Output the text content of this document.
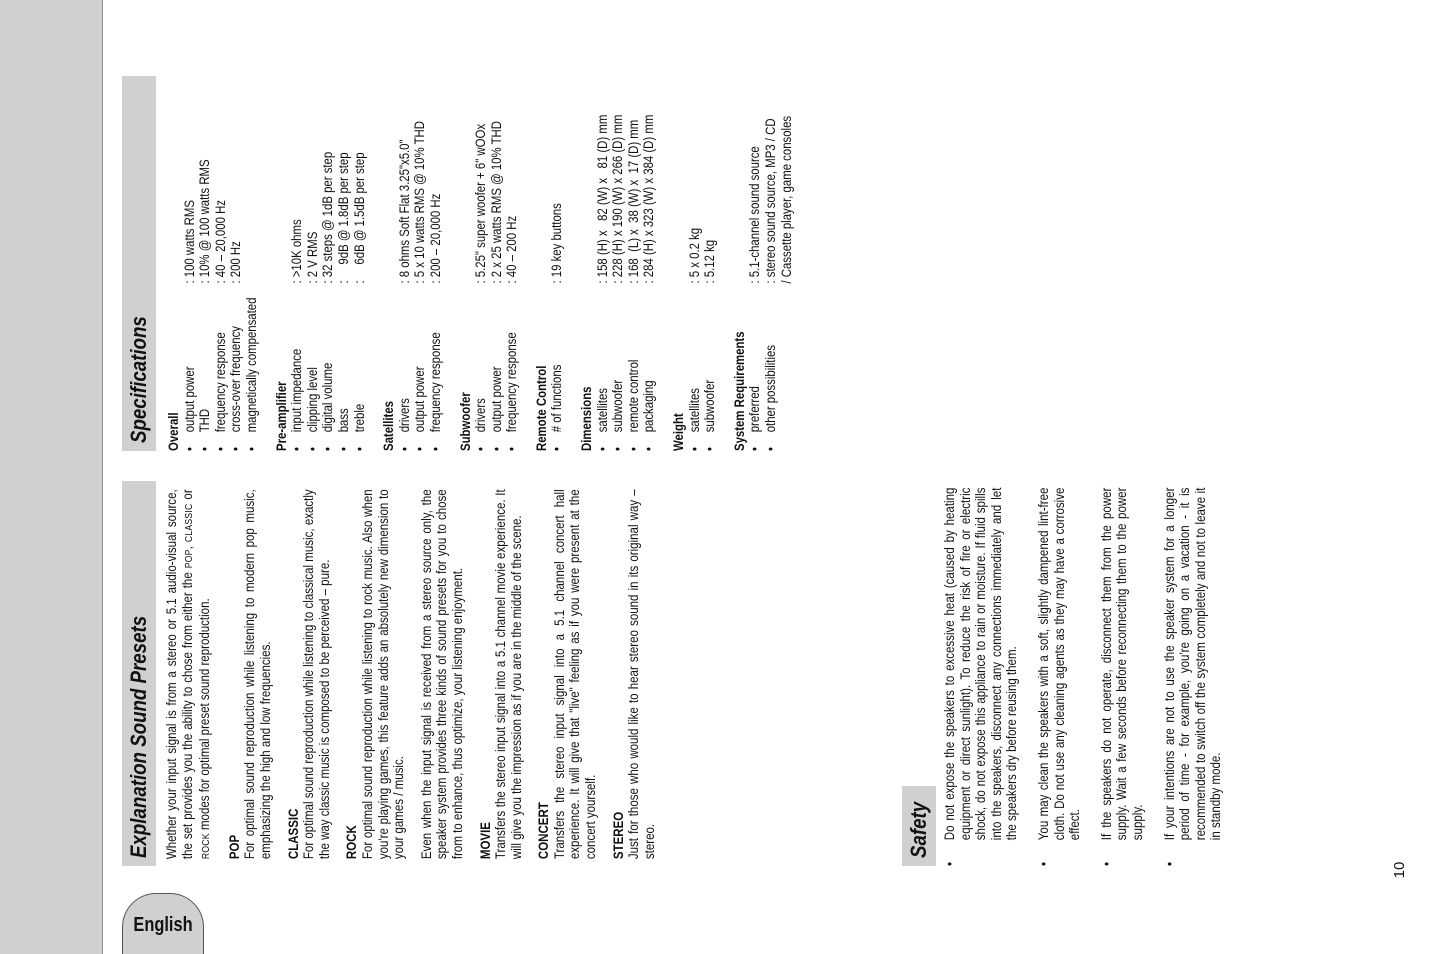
English
10
Explanation Sound Presets Whether your input signal is from a stereo or 5.1 audio-visual source, the set provides you the ability to chose from either the POP, CLASSIC or ROCK modes for optimal preset sound reproduction.

POP For optimal sound reproduction while listening to modern pop music, emphasizing the high and low frequencies. CLASSIC For optimal sound reproduction while listening to classical music, exactly the way classic music is composed to be perceived – pure. ROCK For optimal sound reproduction while listening to rock music. Also when you're playing games, this feature adds an absolutely new dimension to your games / music. Even when the input signal is received from a stereo source only, the speaker system provides three kinds of sound presets for you to chose from to enhance, thus optimize, your listening enjoyment. MOVIE Transfers the stereo input signal into a 5.1 channel movie experience. It will give you the impression as if you are in the middle of the scene. CONCERT Transfers the stereo input signal into a 5.1 channel concert hall experience. It will give that "live" feeling as if you were present at the concert yourself. STEREO Just for those who would like to hear stereo sound in its original way – stereo.	Safety
•
Do not expose the speakers to excessive heat (caused by heating equipment or direct sunlight). To reduce the risk of fire or electric shock, do not expose this appliance to rain or moisture. If fluid spills into the speakers, disconnect any connections immediately and let the speakers dry before reusing them.
•
You may clean the speakers with a soft, slightly dampened lint-free cloth. Do not use any cleaning agents as they may have a corrosive effect.
•
If the speakers do not operate, disconnect them from the power supply. Wait a few seconds before reconnecting them to the power supply.
•
If your intentions are not to use the speaker system for a longer period of time - for example, you're going on a vacation - it is recommended to switch off the system completely and not to leave it in standby mode.
Specifications Overall •
output power
: 100 watts RMS
•
THD
: 10% @ 100 watts RMS
•
frequency response
: 40 – 20,000 Hz
•
cross-over frequency
: 200 Hz
•
magnetically compensated Pre-amplifier •
input impedance
: >10K ohms
•
clipping level
: 2 V RMS
•
digital volume
: 32 steps @ 1dB per step
•
bass
:     9dB @ 1.8dB per step
•
treble
:     6dB @ 1.5dB per step
Satellites •
drivers
: 8 ohms Soft Flat 3.25"x5.0"
•
output power
: 5 x 10 watts RMS @ 10% THD
•
frequency response
: 200 – 20,000 Hz
Subwoofer •
drivers
: 5.25" super woofer + 6" wOOx
•
output power
: 2 x 25 watts RMS @ 10% THD
•
frequency response
: 40 – 200 Hz
Remote Control •
# of functions
: 19 key buttons
Dimensions •
satellites
: 158 (H) x   82 (W) x   81 (D) mm
•
subwoofer
: 228 (H) x 190 (W) x 266 (D) mm
•
remote control
: 168  (L) x  38 (W) x  17 (D) mm
•
packaging
: 284 (H) x 323 (W) x 384 (D) mm
Weight •
satellites
: 5 x 0.2 kg
•
subwoofer
: 5.12 kg
System Requirements •
preferred
: 5.1-channel sound source
•
other possibilities
: stereo sound source, MP3 / CD / Cassette player, game consoles
